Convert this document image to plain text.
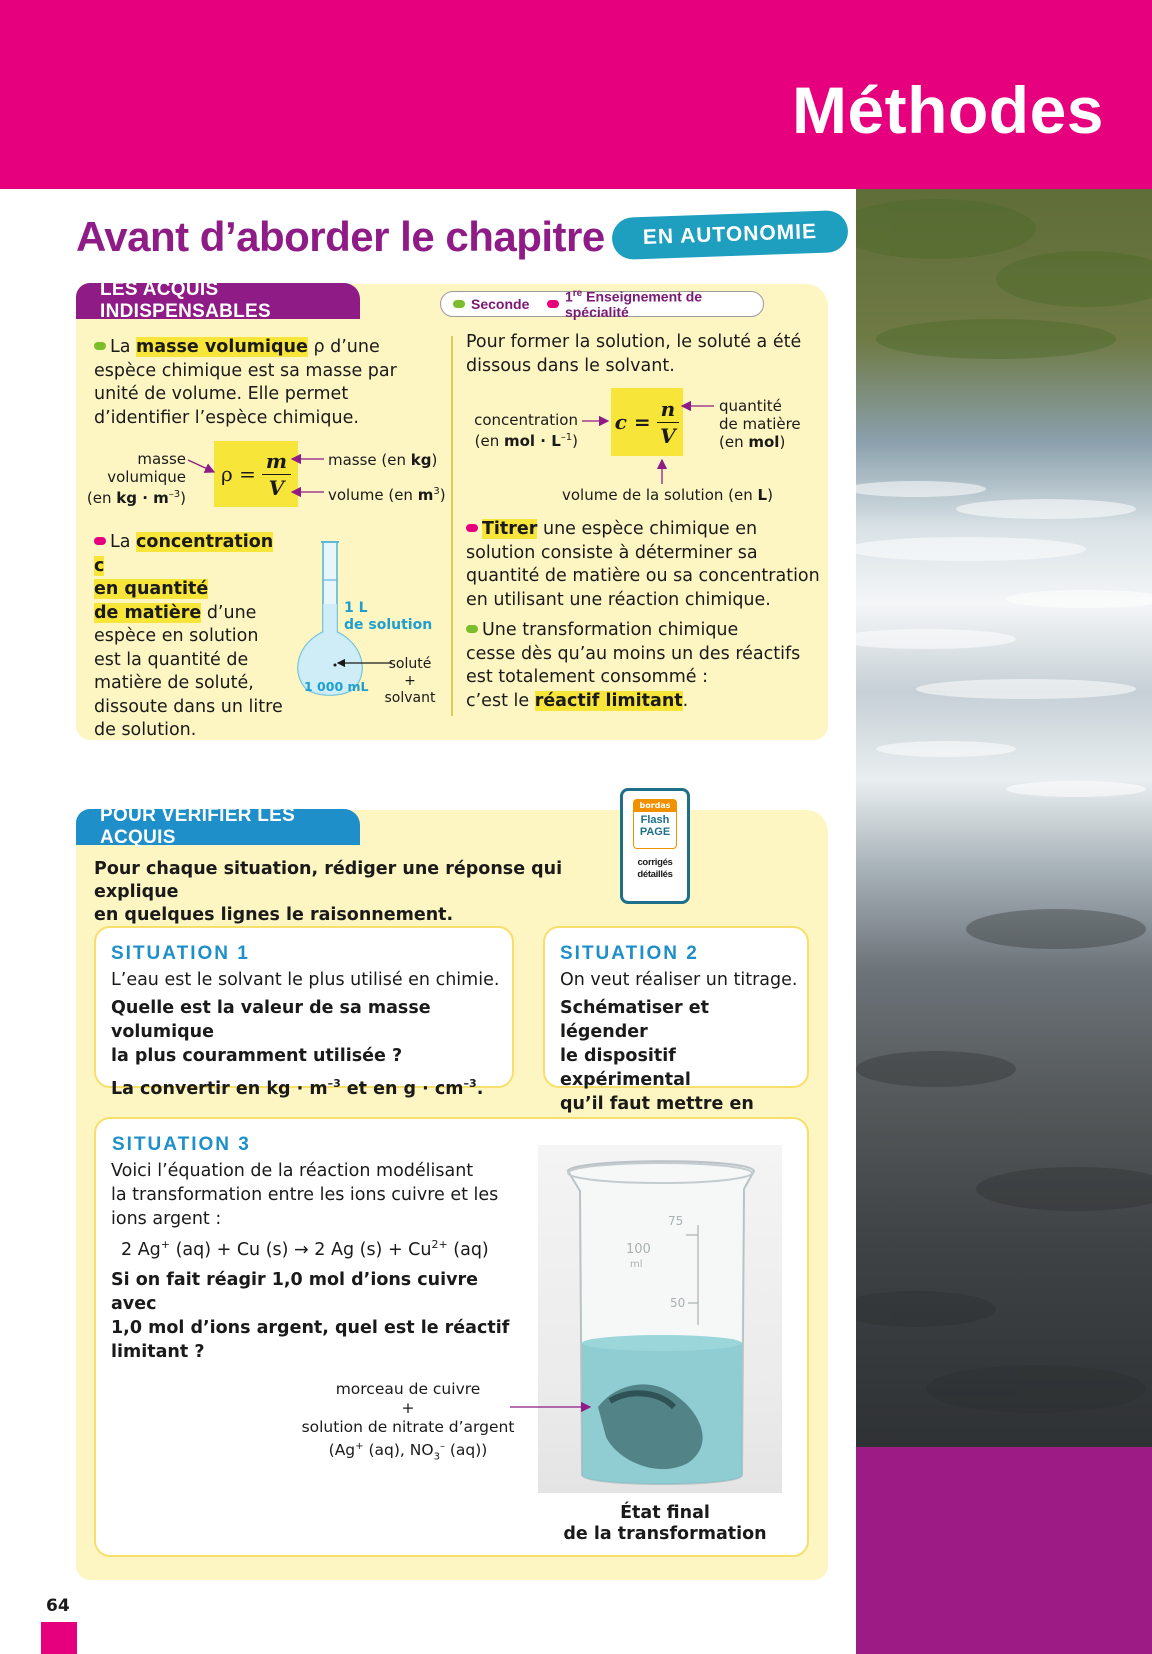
Méthodes
Avant d’aborder le chapitre	EN AUTONOMIE
LES ACQUIS INDISPENSABLES	Seconde	1re Enseignement de spécialité
La masse volumique ρ d’une espèce chimique est sa masse par unité de volume. Elle permet d’identifier l’espèce chimique.
$\rho = \frac{m}{V}$
masse
volumique
(en kg · $m^{-3}$)
masse (en kg)
volume (en $m^3$)
La concentration c
en quantité
de matière d’une espèce en solution est la quantité de matière de soluté, dissoute dans un litre de solution.
1 L
de solution
1 000 mL
soluté
+
solvant
Pour former la solution, le soluté a été dissous dans le solvant.
$c = \frac{n}{V}$
concentration
(en mol · $L^{-1}$)
quantité
de matière
(en mol)
volume de la solution (en L)
Titrer une espèce chimique en solution consiste à déterminer sa quantité de matière ou sa concentration en utilisant une réaction chimique.
Une transformation chimique
cesse dès qu’au moins un des réactifs
est totalement consommé :
c’est le réactif limitant.
POUR VÉRIFIER LES ACQUIS
Pour chaque situation, rédiger une réponse qui explique
en quelques lignes le raisonnement.
bordas
Flash
PAGE
corrigés
détaillés
SITUATION 1
L’eau est le solvant le plus utilisé en chimie.
Quelle est la valeur de sa masse volumique
la plus couramment utilisée ?
La convertir en kg · $m^{-3}$ et en $g \cdot cm^{-3}$.
SITUATION 2
On veut réaliser un titrage.
Schématiser et légender
le dispositif expérimental
qu’il faut mettre en
SITUATION 3
Voici l’équation de la réaction modélisant
la transformation entre les ions cuivre et les
ions argent :
2 Ag+ (aq) + Cu (s) → 2 Ag $(s) + Cu^{2+}$ (aq)
Si on fait réagir 1,0 mol d’ions cuivre avec
1,0 mol d’ions argent, quel est le réactif
limitant ?
morceau de cuivre
+
solution de nitrate d’argent
(Ag+ (aq), $NO_3^-$ (aq))
75
100
ml
50
État final
de la transformation
64
